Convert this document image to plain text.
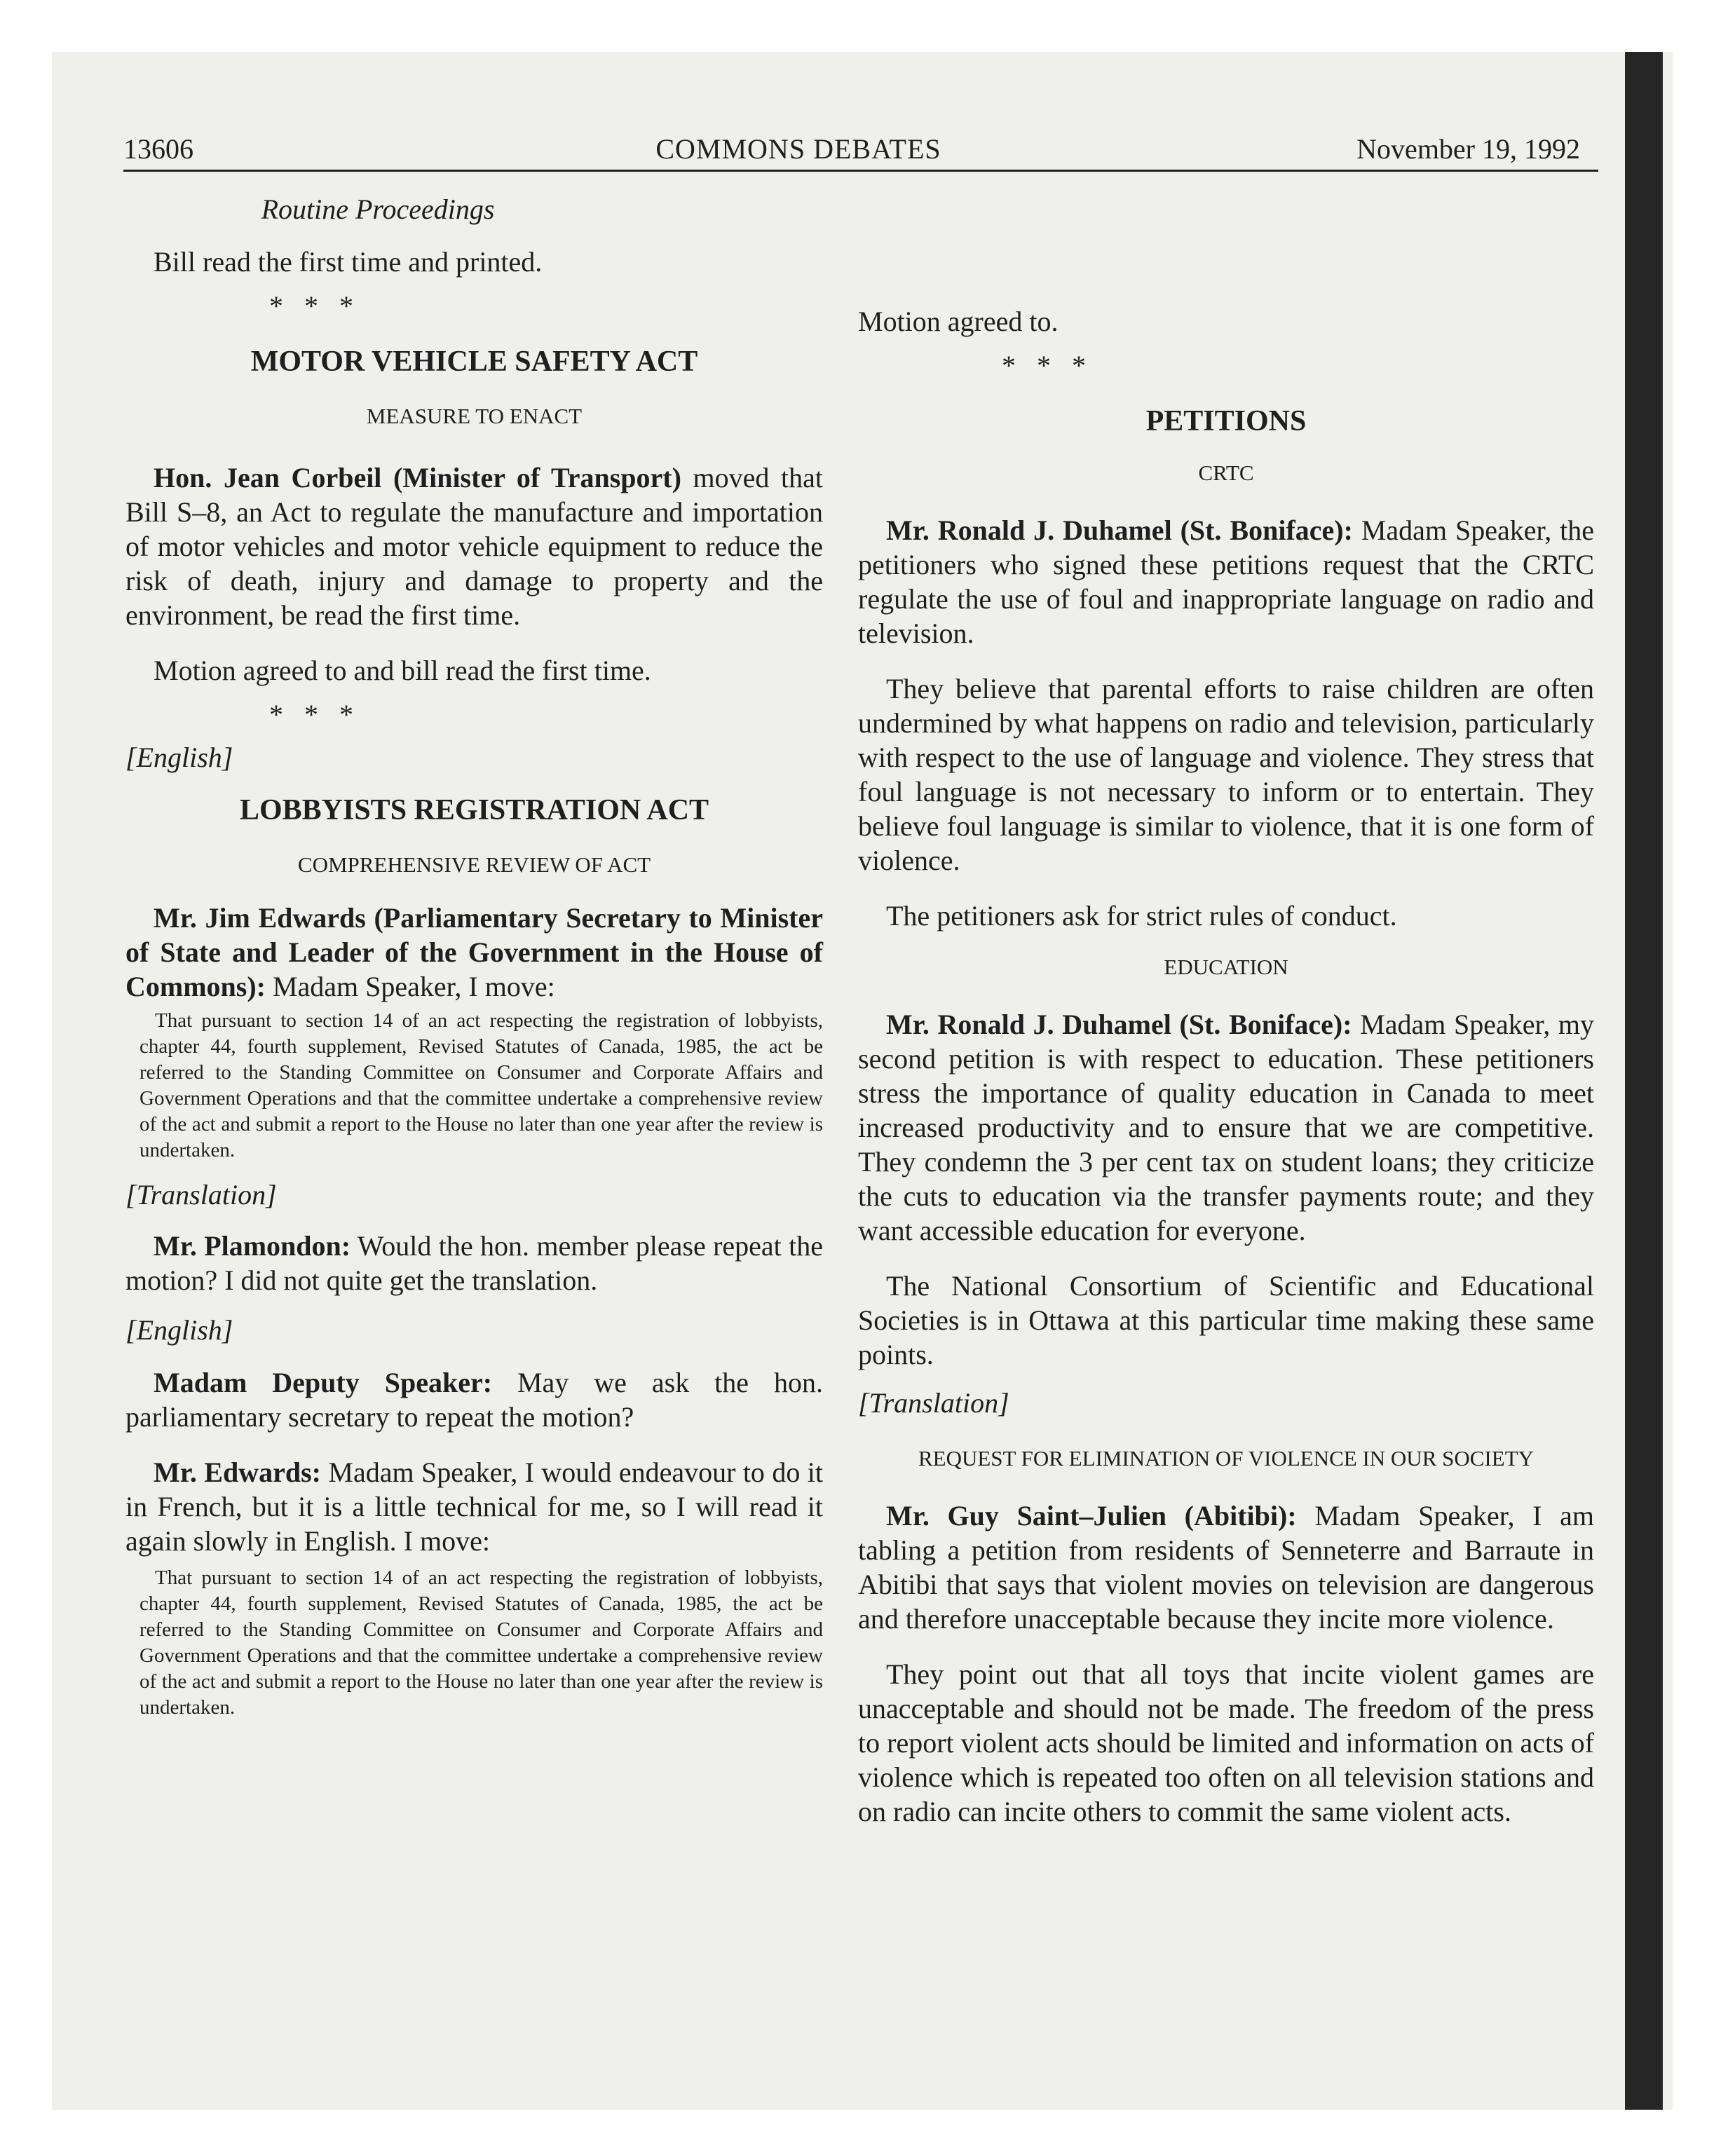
13606	COMMONS DEBATES	November 19, 1992

Routine Proceedings

Bill read the first time and printed.

* * *

MOTOR VEHICLE SAFETY ACT

MEASURE TO ENACT

Hon. Jean Corbeil (Minister of Transport) moved that Bill S–8, an Act to regulate the manufacture and importation of motor vehicles and motor vehicle equipment to reduce the risk of death, injury and damage to property and the environment, be read the first time.

Motion agreed to and bill read the first time.

* * *

[English]

LOBBYISTS REGISTRATION ACT

COMPREHENSIVE REVIEW OF ACT

Mr. Jim Edwards (Parliamentary Secretary to Minister of State and Leader of the Government in the House of Commons): Madam Speaker, I move:

That pursuant to section 14 of an act respecting the registration of lobbyists, chapter 44, fourth supplement, Revised Statutes of Canada, 1985, the act be referred to the Standing Committee on Consumer and Corporate Affairs and Government Operations and that the committee undertake a comprehensive review of the act and submit a report to the House no later than one year after the review is undertaken.

[Translation]

Mr. Plamondon: Would the hon. member please repeat the motion? I did not quite get the translation.

[English]

Madam Deputy Speaker: May we ask the hon. parliamentary secretary to repeat the motion?

Mr. Edwards: Madam Speaker, I would endeavour to do it in French, but it is a little technical for me, so I will read it again slowly in English. I move:

That pursuant to section 14 of an act respecting the registration of lobbyists, chapter 44, fourth supplement, Revised Statutes of Canada, 1985, the act be referred to the Standing Committee on Consumer and Corporate Affairs and Government Operations and that the committee undertake a comprehensive review of the act and submit a report to the House no later than one year after the review is undertaken.

Motion agreed to.

* * *

PETITIONS

CRTC

Mr. Ronald J. Duhamel (St. Boniface): Madam Speaker, the petitioners who signed these petitions request that the CRTC regulate the use of foul and inappropriate language on radio and television.

They believe that parental efforts to raise children are often undermined by what happens on radio and television, particularly with respect to the use of language and violence. They stress that foul language is not necessary to inform or to entertain. They believe foul language is similar to violence, that it is one form of violence.

The petitioners ask for strict rules of conduct.

EDUCATION

Mr. Ronald J. Duhamel (St. Boniface): Madam Speaker, my second petition is with respect to education. These petitioners stress the importance of quality education in Canada to meet increased productivity and to ensure that we are competitive. They condemn the 3 per cent tax on student loans; they criticize the cuts to education via the transfer payments route; and they want accessible education for everyone.

The National Consortium of Scientific and Educational Societies is in Ottawa at this particular time making these same points.

[Translation]

REQUEST FOR ELIMINATION OF VIOLENCE IN OUR SOCIETY

Mr. Guy Saint–Julien (Abitibi): Madam Speaker, I am tabling a petition from residents of Senneterre and Barraute in Abitibi that says that violent movies on television are dangerous and therefore unacceptable because they incite more violence.

They point out that all toys that incite violent games are unacceptable and should not be made. The freedom of the press to report violent acts should be limited and information on acts of violence which is repeated too often on all television stations and on radio can incite others to commit the same violent acts.
